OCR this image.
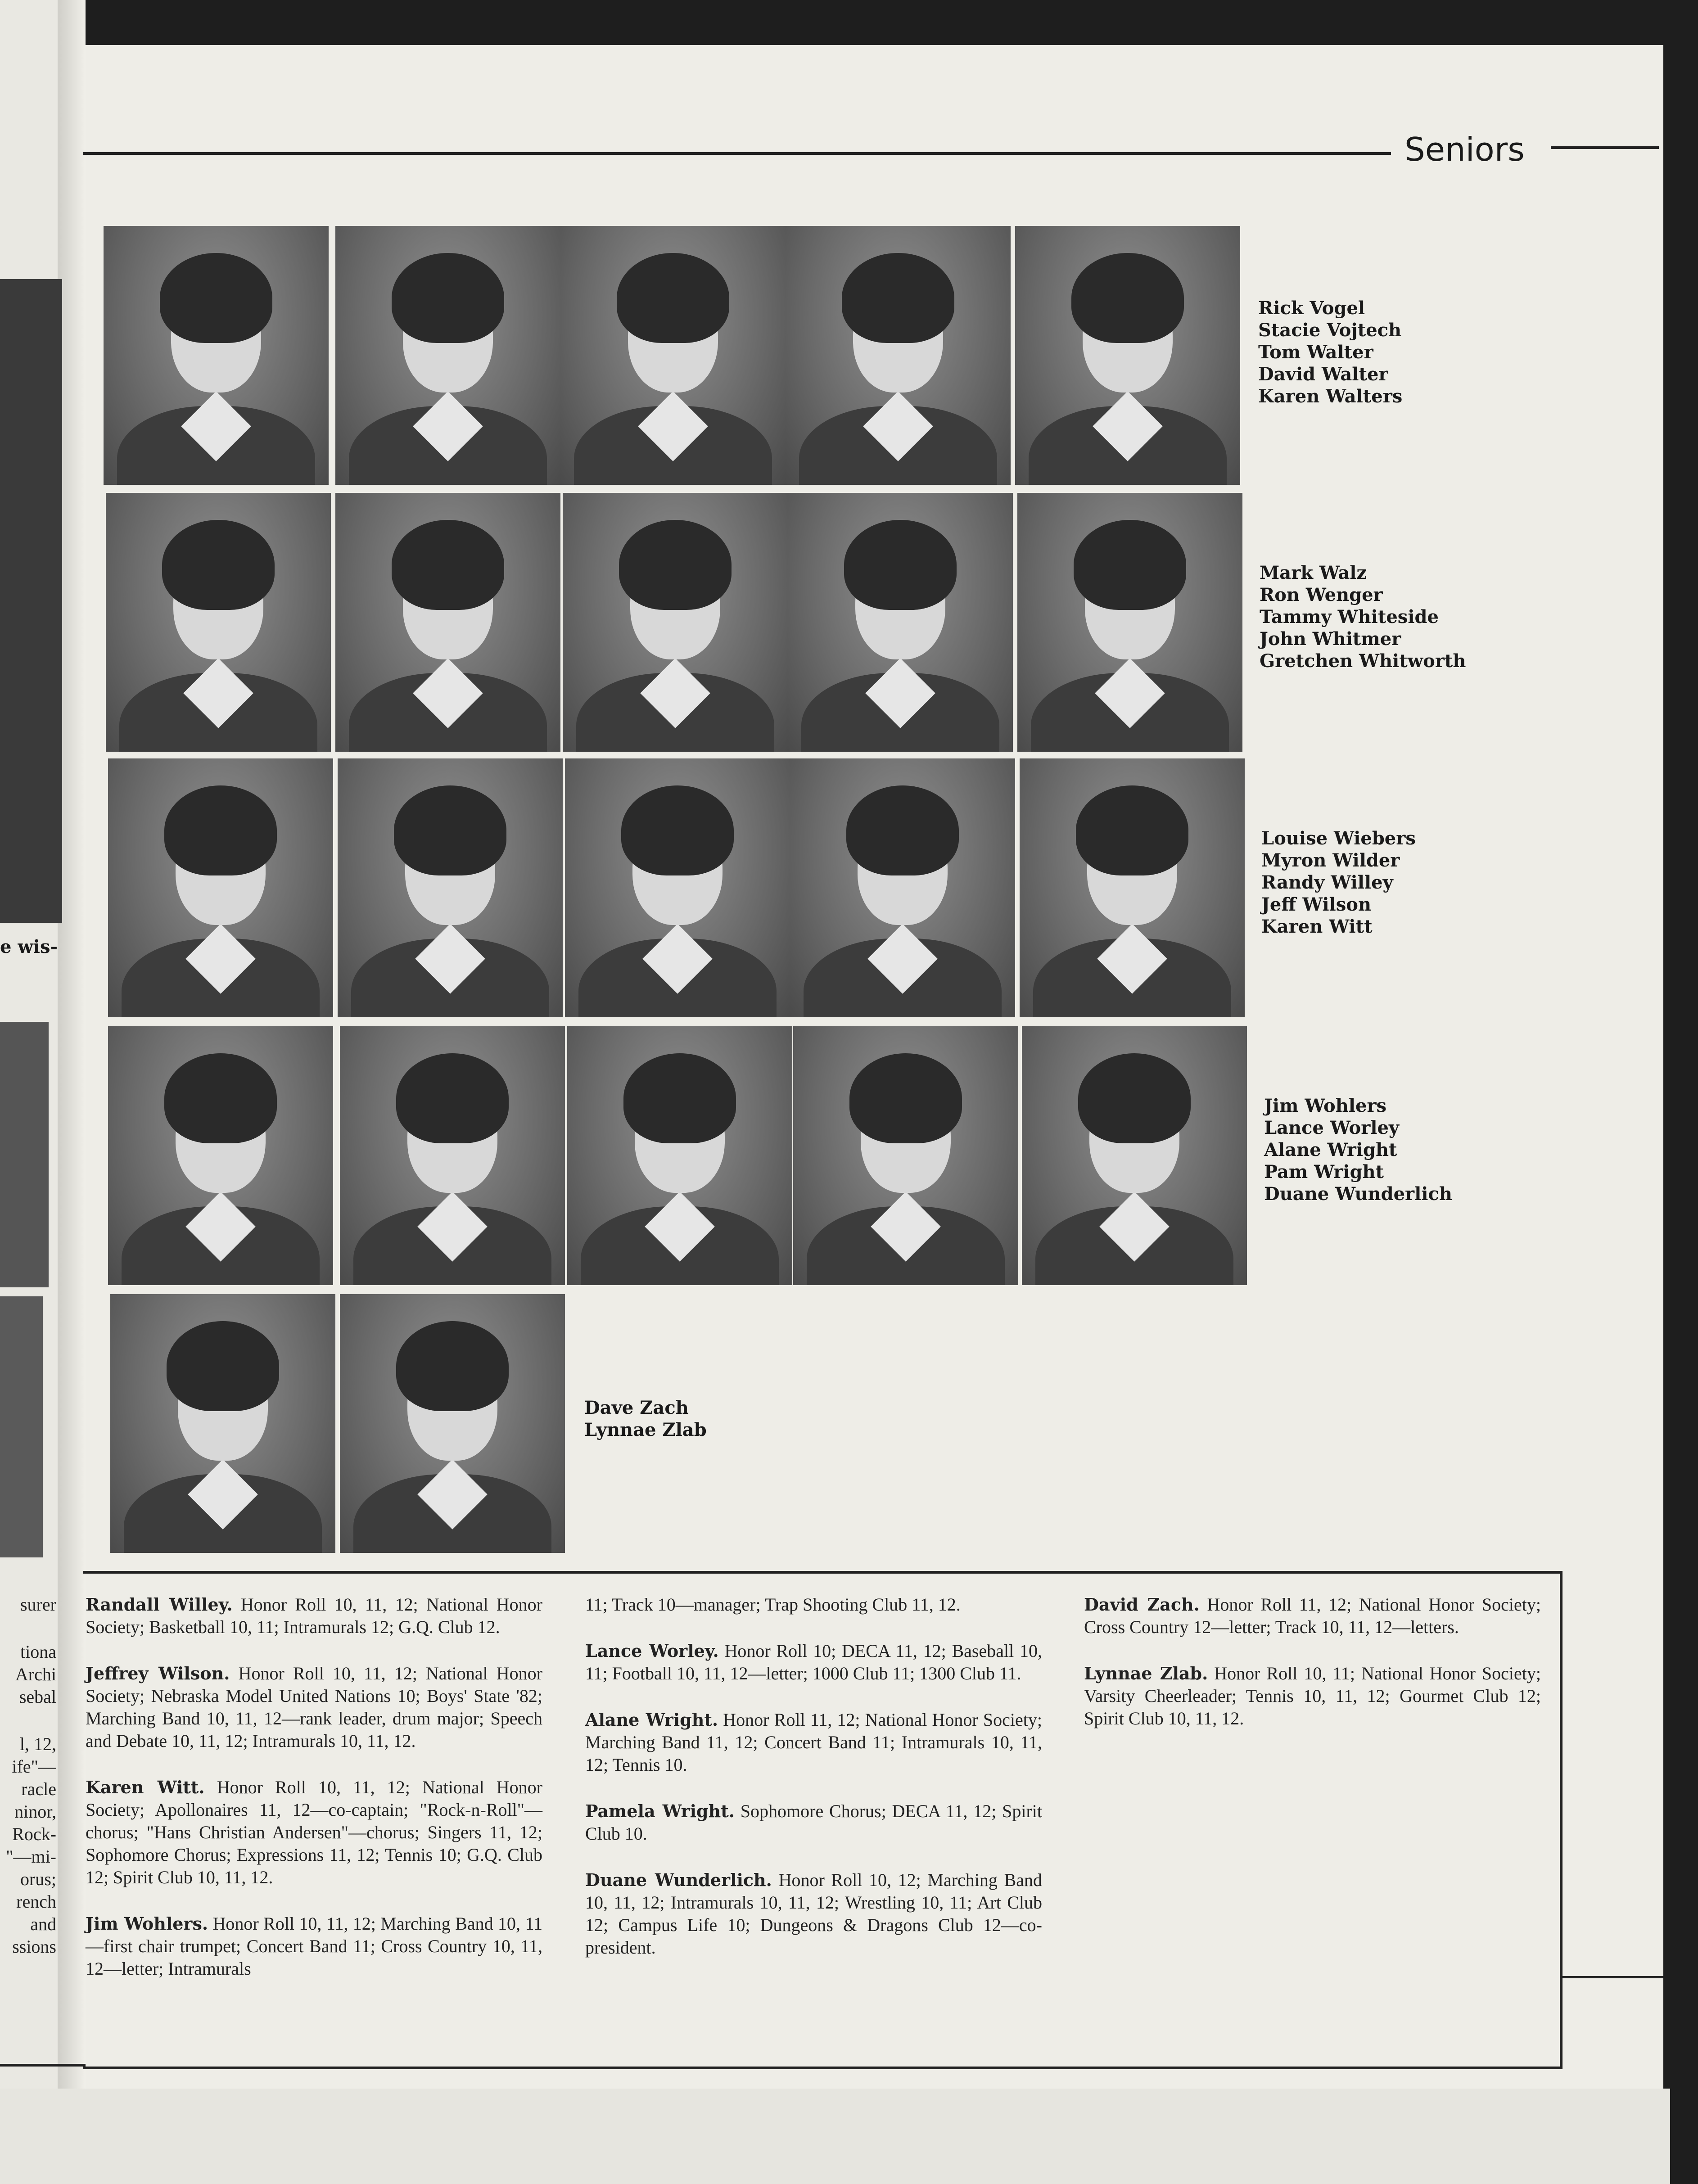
e wis-
surer
tiona
Archi
sebal
l, 12,
ife"—
racle
ninor,
Rock-
"—mi-
orus;
rench
and
ssions
Seniors
Rick Vogel
Stacie Vojtech
Tom Walter
David Walter
Karen Walters
Mark Walz
Ron Wenger
Tammy Whiteside
John Whitmer
Gretchen Whitworth
Louise Wiebers
Myron Wilder
Randy Willey
Jeff Wilson
Karen Witt
Jim Wohlers
Lance Worley
Alane Wright
Pam Wright
Duane Wunderlich
Dave Zach
Lynnae Zlab

Randall Willey. Honor Roll 10, 11, 12; National Honor Society; Basketball 10, 11; Intramurals 12; G.Q. Club 12.

Jeffrey Wilson. Honor Roll 10, 11, 12; National Honor Society; Nebraska Model United Nations 10; Boys' State '82; Marching Band 10, 11, 12—rank leader, drum major; Speech and Debate 10, 11, 12; Intramurals 10, 11, 12.

Karen Witt. Honor Roll 10, 11, 12; National Honor Society; Apollonaires 11, 12—co-captain; "Rock-n-Roll"—chorus; "Hans Christian Andersen"—chorus; Singers 11, 12; Sophomore Chorus; Expressions 11, 12; Tennis 10; G.Q. Club 12; Spirit Club 10, 11, 12.

Jim Wohlers. Honor Roll 10, 11, 12; Marching Band 10, 11—first chair trumpet; Concert Band 11; Cross Country 10, 11, 12—letter; Intramurals

11; Track 10—manager; Trap Shooting Club 11, 12.

Lance Worley. Honor Roll 10; DECA 11, 12; Baseball 10, 11; Football 10, 11, 12—letter; 1000 Club 11; 1300 Club 11.

Alane Wright. Honor Roll 11, 12; National Honor Society; Marching Band 11, 12; Concert Band 11; Intramurals 10, 11, 12; Tennis 10.

Pamela Wright. Sophomore Chorus; DECA 11, 12; Spirit Club 10.

Duane Wunderlich. Honor Roll 10, 12; Marching Band 10, 11, 12; Intramurals 10, 11, 12; Wrestling 10, 11; Art Club 12; Campus Life 10; Dungeons & Dragons Club 12—co-president.

David Zach. Honor Roll 11, 12; National Honor Society; Cross Country 12—letter; Track 10, 11, 12—letters.

Lynnae Zlab. Honor Roll 10, 11; National Honor Society; Varsity Cheerleader; Tennis 10, 11, 12; Gourmet Club 12; Spirit Club 10, 11, 12.
